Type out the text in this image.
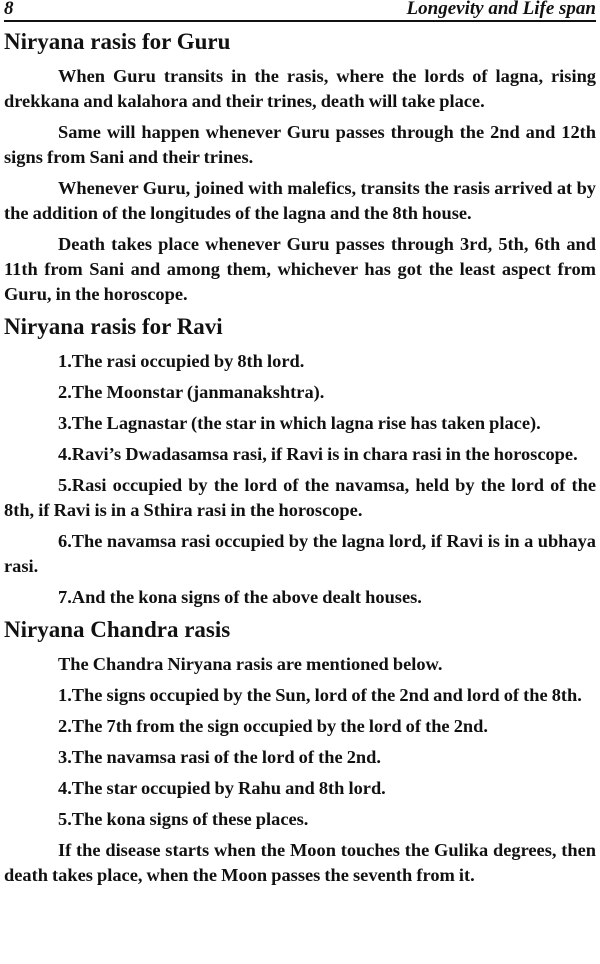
8	Longevity and Life span
Niryana rasis for Guru

When Guru transits in the rasis, where the lords of lagna, rising drekkana and kalahora and their trines, death will take place.

Same will happen whenever Guru passes through the 2nd and 12th signs from Sani and their trines.

Whenever Guru, joined with malefics, transits the rasis arrived at by the addition of the longitudes of the lagna and the 8th house.

Death takes place whenever Guru passes through 3rd, 5th, 6th and 11th from Sani and among them, whichever has got the least aspect from Guru, in the horoscope.

Niryana rasis for Ravi

1.The rasi occupied by 8th lord.

2.The Moonstar (janmanakshtra).

3.The Lagnastar (the star in which lagna rise has taken place).

4.Ravi’s Dwadasamsa rasi, if Ravi is in chara rasi in the horoscope.

5.Rasi occupied by the lord of the navamsa, held by the lord of the 8th, if Ravi is in a Sthira rasi in the horoscope.

6.The navamsa rasi occupied by the lagna lord, if Ravi is in a ubhaya rasi.

7.And the kona signs of the above dealt houses.

Niryana Chandra rasis

The Chandra Niryana rasis are mentioned below.

1.The signs occupied by the Sun, lord of the 2nd and lord of the 8th.

2.The 7th from the sign occupied by the lord of the 2nd.

3.The navamsa rasi of the lord of the 2nd.

4.The star occupied by Rahu and 8th lord.

5.The kona signs of these places.

If the disease starts when the Moon touches the Gulika degrees, then death takes place, when the Moon passes the seventh from it.
